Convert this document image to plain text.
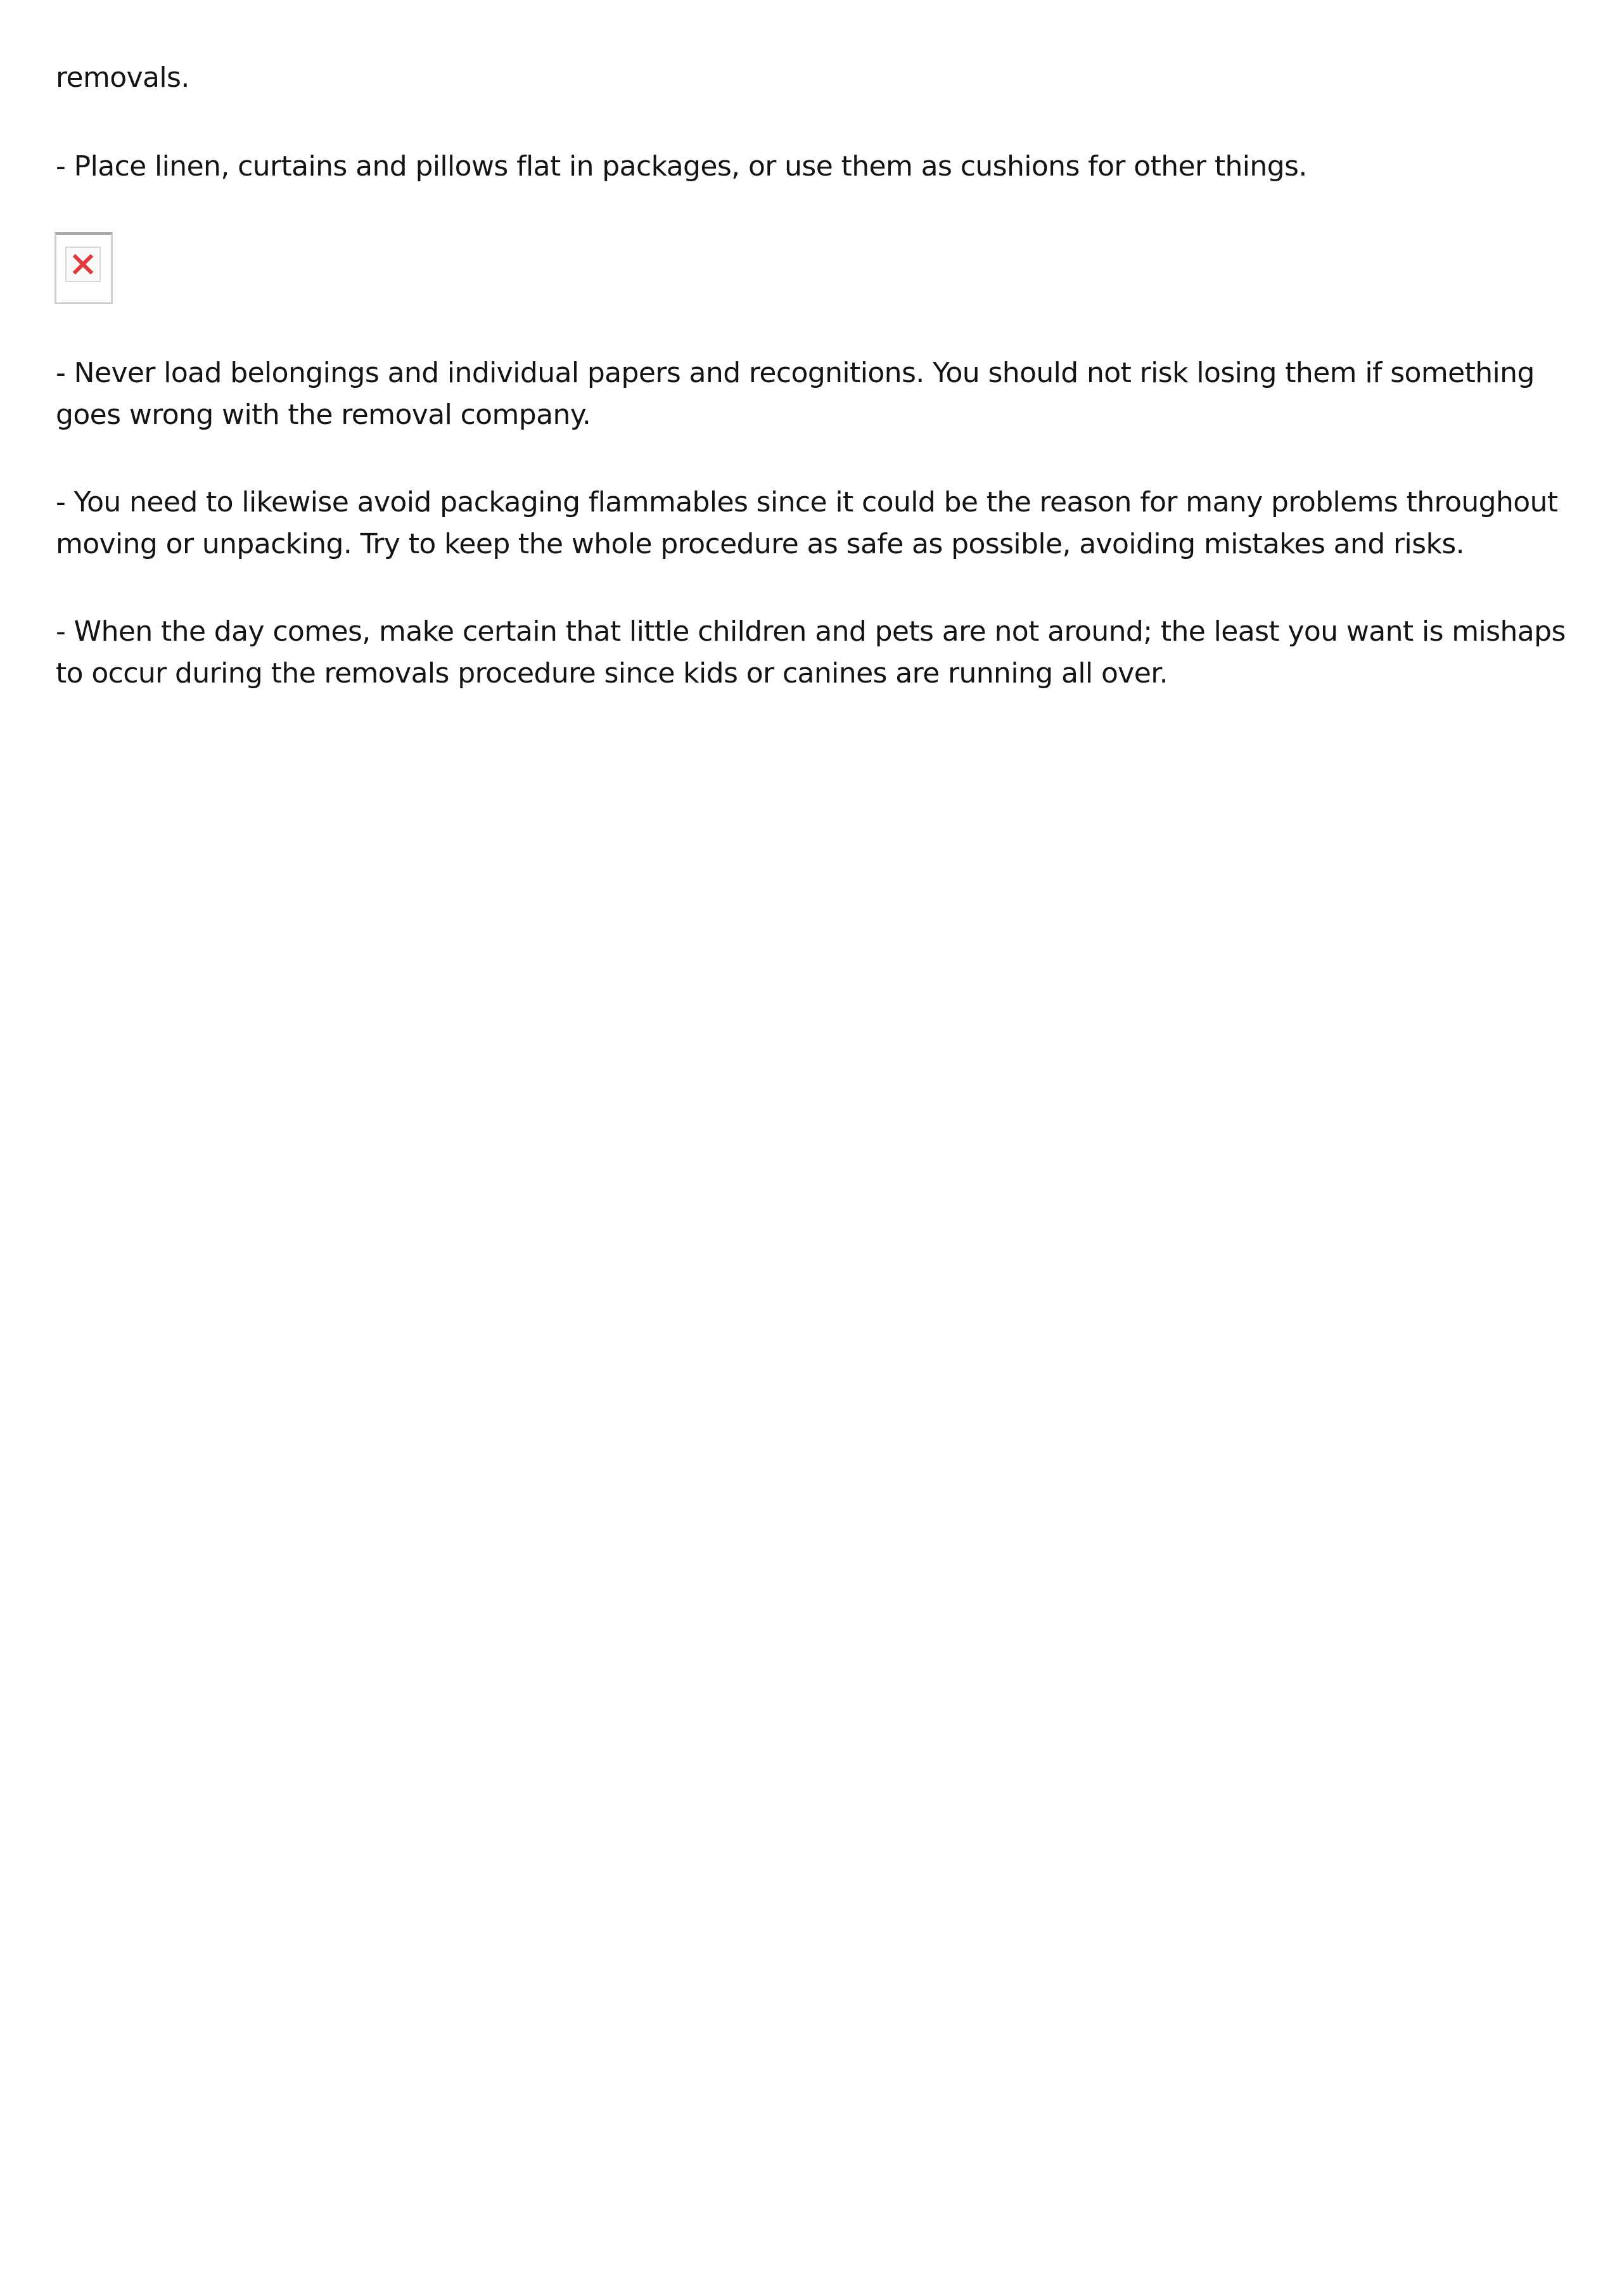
removals.

- Place linen, curtains and pillows flat in packages, or use them as cushions for other things.

- Never load belongings and individual papers and recognitions. You should not risk losing them if something goes wrong with the removal company.

- You need to likewise avoid packaging flammables since it could be the reason for many problems throughout moving or unpacking. Try to keep the whole procedure as safe as possible, avoiding mistakes and risks.

- When the day comes, make certain that little children and pets are not around; the least you want is mishaps to occur during the removals procedure since kids or canines are running all over.
